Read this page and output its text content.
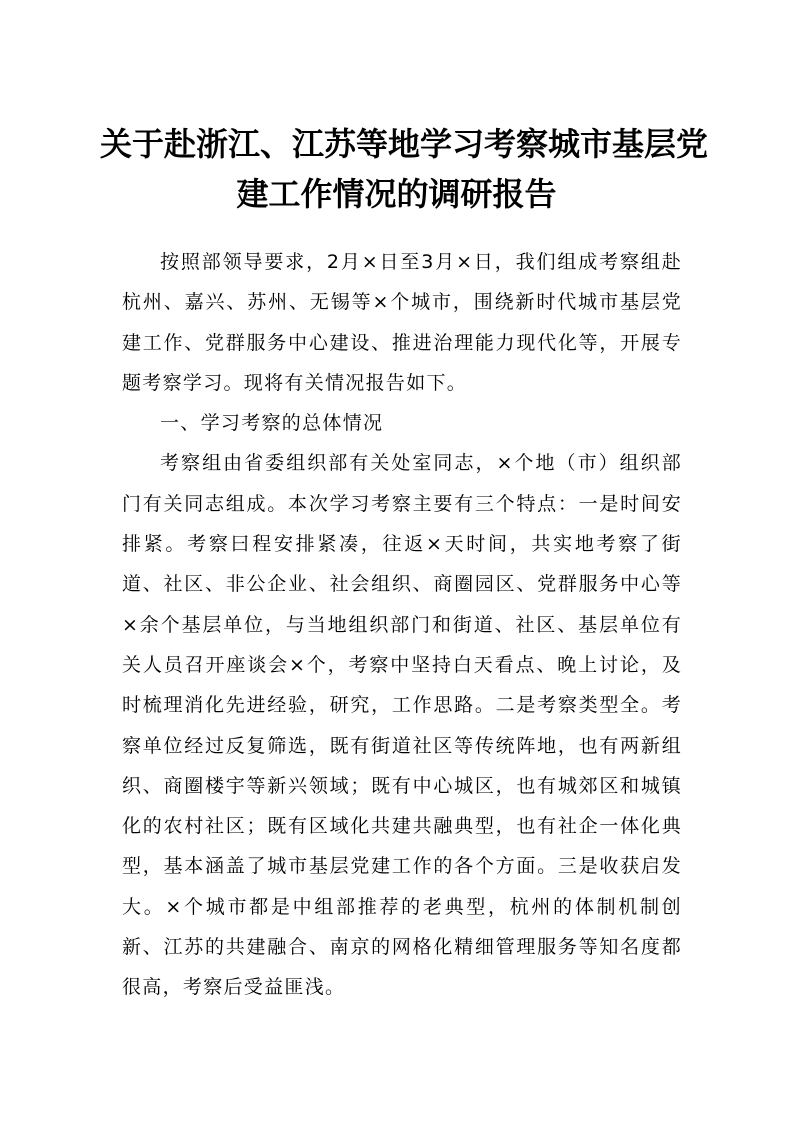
关于赴浙江、江苏等地学习考察城市基层党
建工作情况的调研报告

按照部领导要求，2月×日至3月×日，我们组成考察组赴杭州、嘉兴、苏州、无锡等×个城市，围绕新时代城市基层党建工作、党群服务中心建设、推进治理能力现代化等，开展专题考察学习。现将有关情况报告如下。

一、学习考察的总体情况

考察组由省委组织部有关处室同志，×个地（市）组织部门有关同志组成。本次学习考察主要有三个特点：一是时间安排紧。考察曰程安排紧凑，往返×天时间，共实地考察了街道、社区、非公企业、社会组织、商圈园区、党群服务中心等×余个基层单位，与当地组织部门和街道、社区、基层单位有关人员召开座谈会×个，考察中坚持白天看点、晚上讨论，及时梳理消化先进经验，研究，工作思路。二是考察类型全。考察单位经过反复筛选，既有街道社区等传统阵地，也有两新组织、商圈楼宇等新兴领域；既有中心城区，也有城郊区和城镇化的农村社区；既有区域化共建共融典型，也有社企一体化典型，基本涵盖了城市基层党建工作的各个方面。三是收获启发大。×个城市都是中组部推荐的老典型，杭州的体制机制创新、江苏的共建融合、南京的网格化精细管理服务等知名度都很高，考察后受益匪浅。
